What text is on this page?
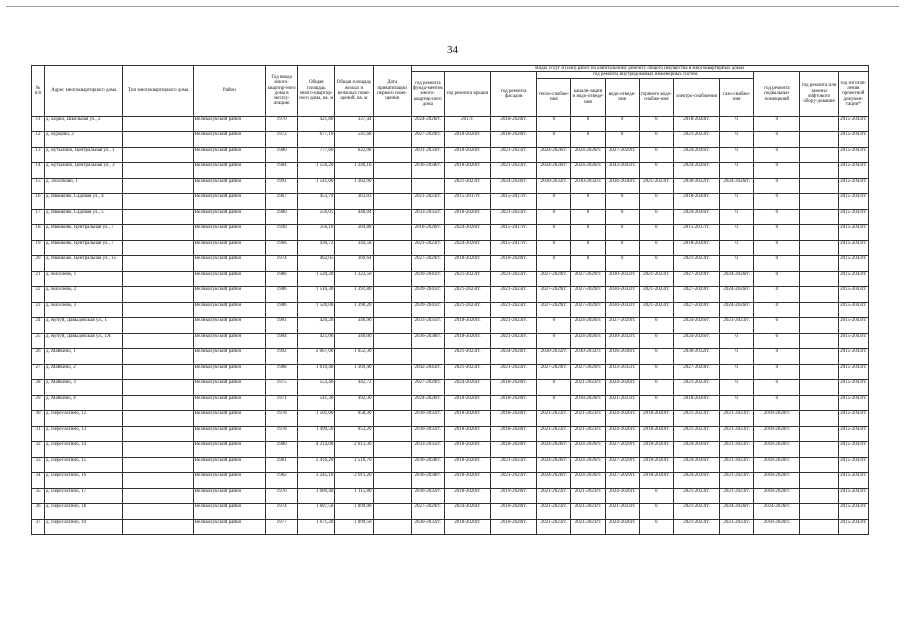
34
№ п/п	Адрес многоквартирного дома	Тип многоквартирного дома	Район	Год ввода много-квартир-ного дома в эксплу-атацию	Общая площадь много-квартир-ного дома, кв. м	Общая площадь жилых и нежилых поме-щений, кв. м	Дата приватизации первого поме-щения	Виды услуг и (или) работ по капитальному ремонту общего имущества в многоквартирных домах											
								год ремонта фунда-ментов много-квартир-ного дома	год ремонта крыши	год ремонта фасадов	год ремонта внутридомовых инженерных систем						год ремонта подвальных помещений	год ремонта или замены лифтового обору-дования	год изготов-ления проектной докумен-тации*
											тепло-снабже-ния	канали-зации и водо-отведе-ния	водо-отведе-ния	горячего водо-снабже-ния	электро-снабжения	газо-снабже-ния			
11	д. Борки, Школьная ул., 2		Великолукский район	1970	421,80	337,44		2024-2026гг.	2017г.	2018-2020гг.	0	0	0	0	2018-2020гг.	0	0		2015-2043гг.
12	д. Бурцово, 2		Великолукский район	1972	677,10	541,68		2027-2029гг.	2018-2020гг.	2018-2020гг.	0	0	0	0	2021-2023гг.	0	0		2015-2043гг.
13	д. Бутылино, Центральная ул., 1		Великолукский район	1980	777,60	622,08		2031-2033гг.	2018-2020гг.	2021-2023гг.	2024-2026гг.	2024-2026гг.	2027-2029гг.	0	2024-2026гг.	0	0		2015-2043гг.
14	д. Бутылино, Центральная ул., 3		Великолукский район	1984	1 550,20	1 240,16		2036-2038гг.	2018-2020гг.	2021-2023гг.	2024-2026гг.	2024-2026гг.	2043-2043гг.	0	2024-2026гг.	0	0		2015-2043гг.
15	д. Золотково, 1		Великолукский район	1991	1 541,00	1 302,90			2021-2023гг.	2024-2026гг.	2030-2032гг.	2030-2032гг.	2036-2038гг.	2021-2023гг.	2030-2032гг.	2024-2026гг.	0		2015-2043гг.
16	д. Иванково, Садовая ул., 4		Великолукский район	1967	453,79	363,03		2021-2023гг.	2015-2017гг.	2015-2017гг.	0	0	0	0	2018-2020гг.	0	0		2015-2043гг.
17	д. Иванково, Садовая ул., 5		Великолукский район	1980	550,05	440,04		2033-2035гг.	2018-2020гг.	2021-2023гг.	0	0	0	0	2024-2026гг.	0	0		2015-2043гг.
18	д. Иванково, Центральная ул., 7		Великолукский район	1949	356,10	284,88		2018-2020гг.	2024-2026гг.	2015-2017гг.	0	0	0	0	2015-2017гг.	0	0		2015-2043гг.
19	д. Иванково, Центральная ул., 7		Великолукский район	1966	430,72	344,58		2021-2023гг.	2024-2026гг.	2015-2017гг.	0	0	0	0	2018-2020гг.	0	0		2015-2043гг.
20	д. Иванково, Центральная ул., 15		Великолукский район	1974	462,05	369,64		2027-2029гг.	2018-2020гг.	2018-2020гг.	0	0	0	0	2021-2023гг.	0	0		2015-2043гг.
21	д. Киселево, 1		Великолукский район	1986	1 520,20	1 323,50		2039-2041гг.	2021-2023гг.	2021-2023гг.	2027-2029гг.	2027-2029гг.	2030-2032гг.	2021-2023гг.	2027-2029гг.	2024-2026гг.	0		2015-2043гг.
22	д. Киселево, 2		Великолукский район	1986	1 516,30	1 391,80		2039-2041гг.	2021-2023гг.	2021-2023гг.	2027-2029гг.	2027-2029гг.	2030-2032гг.	2021-2023гг.	2027-2029гг.	2024-2026гг.	0		2015-2043гг.
23	д. Киселево, 3		Великолукский район	1986	1 520,00	1 390,20		2039-2041гг.	2021-2023гг.	2021-2023гг.	2027-2029гг.	2027-2029гг.	2030-2032гг.	2021-2023гг.	2027-2029гг.	2024-2026гг.	0		2015-2043гг.
24	д. Купуй, Давыдовская ул., 1		Великолукский район	1981	426,20	340,96		2033-2035гг.	2018-2020гг.	2021-2023гг.	0	2024-2026гг.	2027-2029гг.	0	2024-2026гг.	2021-2023гг.	0		2015-2043гг.
25	д. Купуй, Давыдовская ул., 1А		Великолукский район	1984	425,00	340,00		2036-2038гг.	2018-2020гг.	2021-2023гг.	0	2024-2026гг.	2030-2032гг.	0	2024-2026гг.	0	0		2015-2043гг.
26	д. Майкино, 1		Великолукский район	1992	2 067,00	1 052,30			2021-2023гг.	2024-2026гг.	2030-2032гг.	2030-2032гг.	2036-2038гг.	0	2030-2032гг.	0	0		2015-2043гг.
27	д. Майкино, 2		Великолукский район	1988	1 610,40	1 369,40		2042-2043гг.	2021-2023гг.	2021-2023гг.	2027-2029гг.	2027-2029гг.	2033-2035гг.	0	2027-2029гг.	0	0		2015-2043гг.
28	д. Майкино, 3		Великолукский район	1975	553,40	442,72		2027-2029гг.	2024-2026гг.	2018-2020гг.	0	2021-2023гг.	2024-2026гг.	0	2021-2023гг.	0	0		2015-2043гг.
29	д. Майкино, 4		Великолукский район	1971	541,30	492,30		2024-2026гг.	2018-2020гг.	2018-2020гг.	0	2018-2020гг.	2021-2023гг.	0	2018-2020гг.	0	0		2015-2043гг.
30	д. Переслегино, 12		Великолукский район	1978	1 501,00	958,30		2030-2032гг.	2018-2020гг.	2018-2020гг.	2021-2023гг.	2021-2023гг.	2024-2026гг.	2018-2020гг.	2021-2023гг.	2021-2023гг.	2018-2020гг.		2015-2043гг.
31	д. Переслегино, 13		Великолукский район	1978	1 499,50	953,20		2030-2032гг.	2018-2020гг.	2018-2020гг.	2021-2023гг.	2021-2023гг.	2024-2026гг.	2018-2020гг.	2021-2023гг.	2021-2023гг.	2018-2020гг.		2015-2043гг.
32	д. Переслегино, 14		Великолукский район	1980	4 214,00	2 613,30		2033-2035гг.	2018-2020гг.	2018-2020гг.	2024-2026гг.	2024-2026гг.	2027-2029гг.	2018-2020гг.	2024-2026гг.	2021-2023гг.	2018-2020гг.		2015-2043гг.
33	д. Переслегино, 15		Великолукский район	1981	2 416,20	1 510,70		2036-2038гг.	2018-2020гг.	2021-2023гг.	2024-2026гг.	2024-2026гг.	2027-2029гг.	2018-2020гг.	2024-2026гг.	2021-2023гг.	2018-2020гг.		2015-2043гг.
34	д. Переслегино, 16		Великолукский район	1982	3 245,10	2 011,20		2036-2038гг.	2018-2020гг.	2021-2023гг.	2024-2026гг.	2024-2026гг.	2027-2029гг.	2018-2020гг.	2024-2026гг.	2021-2023гг.	2018-2020гг.		2015-2043гг.
35	д. Переслегино, 17		Великолукский район	1976	1 689,40	1 115,80		2030-2032гг.	2018-2020гг.	2019-2020гг.	2021-2023гг.	2021-2023гг.	2024-2026гг.	0	2021-2023гг.	2021-2023гг.	2018-2020гг.		2015-2043гг.
36	д. Переслегино, 18		Великолукский район	1974	1 687,50	1 099,90		2027-2029гг.	2024-2026гг.	2018-2020гг.	2021-2023гг.	2021-2023гг.	2021-2023гг.	0	2021-2023гг.	2024-2026гг.	2024-2026гг.		2015-2043гг.
37	д. Переслегино, 19		Великолукский район	1977	1 671,20	1 099,50		2030-2032гг.	2018-2020гг.	2018-2020гг.	2021-2023гг.	2021-2023гг.	2024-2026гг.	0	2021-2023гг.	2021-2023гг.	2018-2020гг.		2015-2043гг.
